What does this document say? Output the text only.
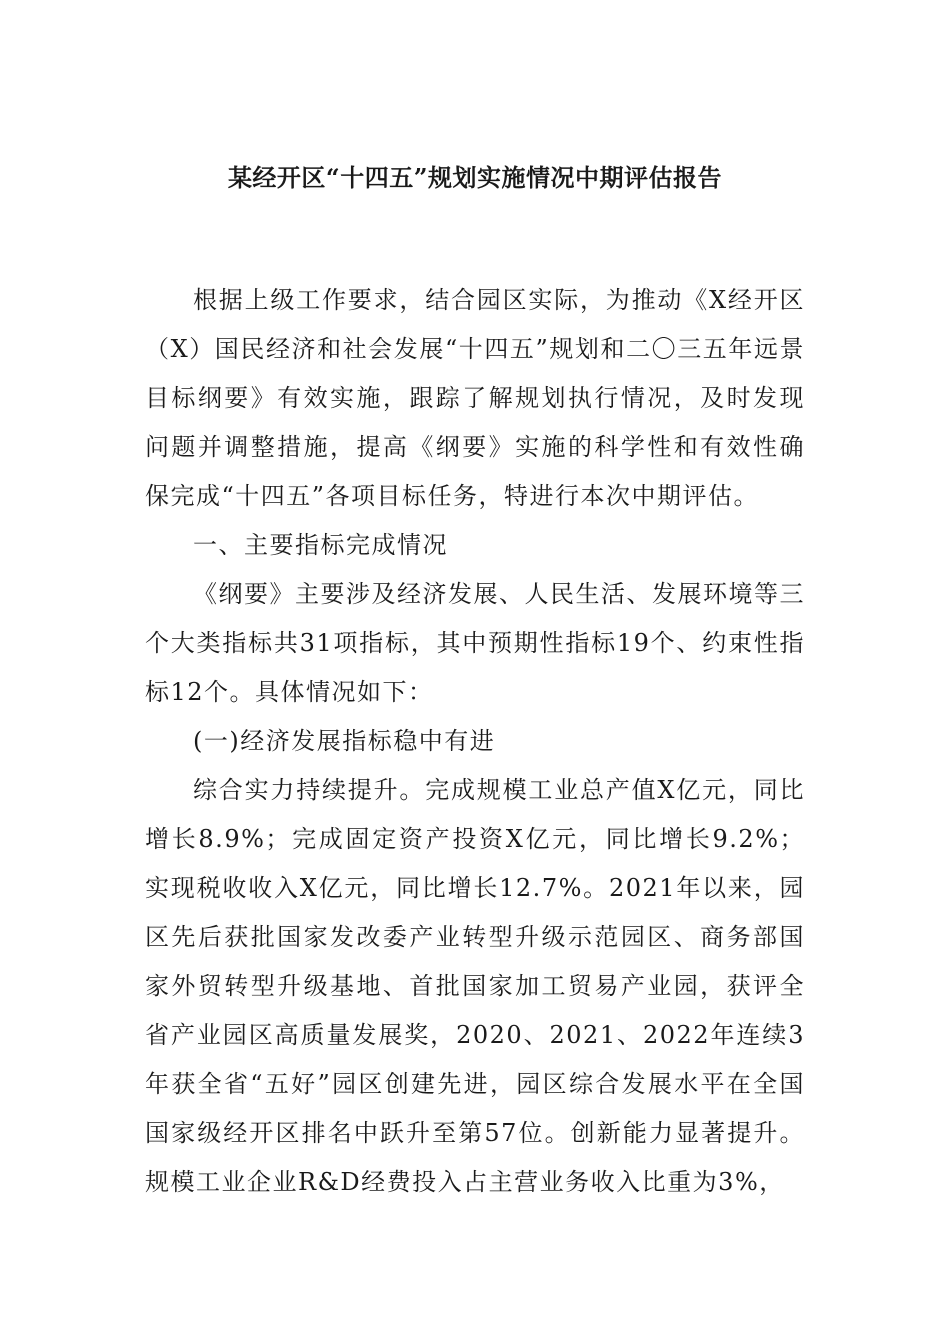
某经开区“十四五”规划实施情况中期评估报告

根据上级工作要求，结合园区实际，为推动《X经开区（X）国民经济和社会发展“十四五”规划和二〇三五年远景目标纲要》有效实施，跟踪了解规划执行情况，及时发现问题并调整措施，提高《纲要》实施的科学性和有效性确保完成“十四五”各项目标任务，特进行本次中期评估。

一、主要指标完成情况

《纲要》主要涉及经济发展、人民生活、发展环境等三个大类指标共31项指标，其中预期性指标19个、约束性指标12个。具体情况如下：

(一)经济发展指标稳中有进

综合实力持续提升。完成规模工业总产值X亿元，同比增长8.9%；完成固定资产投资X亿元，同比增长9.2%；实现税收收入X亿元，同比增长12.7%。2021年以来，园区先后获批国家发改委产业转型升级示范园区、商务部国家外贸转型升级基地、首批国家加工贸易产业园，获评全省产业园区高质量发展奖，2020、2021、2022年连续3年获全省“五好”园区创建先进，园区综合发展水平在全国国家级经开区排名中跃升至第57位。创新能力显著提升。规模工业企业R&D经费投入占主营业务收入比重为3%，
